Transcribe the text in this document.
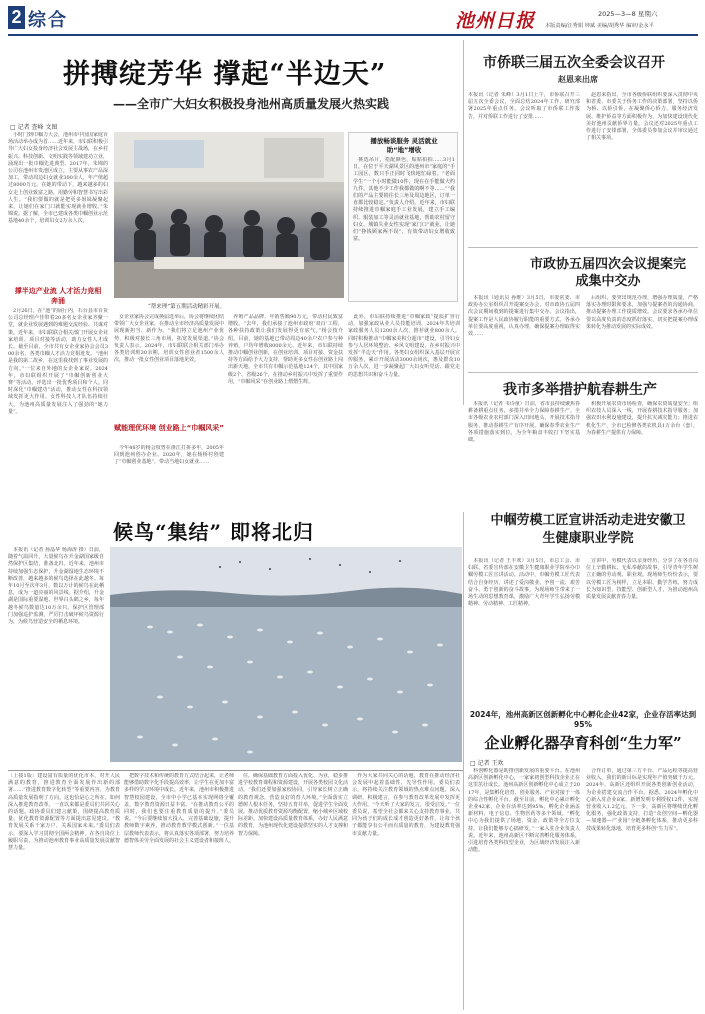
2 综合	池州日报	2025—3—8 星期六
本版责编/汪秀娟 钟斌 美编/胡秀华 编审/金永平
拼搏绽芳华 撑起“半边天”
——全市广大妇女积极投身池州高质量发展火热实践
□ 记者 查峰 文图
　小时门到巾帼力大会，池州市中国国家庭百场活动举办成为首……近年来，市妇联积极引导广大妇女投身经济社会发展主战场，在乡村振兴、科技创新、文明实践等领域建功立业，涌现出一批巾帼先进典型。2017年，朱锦的公司在池州市贵池区成立，主要从事农产品深加工，带动周边妇女就业300余人，年产值超过8000万元。在她的带动下，越来越多的妇女走上创业致富之路，用勤劳和智慧书写出彩人生。“我们要做的就是把更多姐妹凝聚起来，让她们在家门口就能实现就业增收。”朱锦说。据了解，全市已建成各类巾帼创业示范基地40余个，培训妇女2万余人次。
撑半边产业流 人才活力竞相奔涌
　2月26日，在“池”的展厅内，石台县市百货公司总经理卢佳带着20多名女企业家齐聚一堂，就企业发展遇到的难题交流经验、共谋对策。近年来，市妇联联合相关部门开展女企业家培训、项目对接等活动，助力女性人才成长。截至目前，全市共有女企业家协会会员300余名，各类巾帼人才活力竞相迸发。“池州是我的第二故乡，在这里我找到了事业发展的方向。”一位来自外地的女企业家说。2024年，市妇联组织开展了“巾帼创新创业大赛”等活动，评选出一批优秀项目和个人。同时深化“巾帼建功”活动，推动女性在科技领域发挥更大作用。女性科技人才队伍持续壮大，为池州高质量发展注入了强劲的“她力量”。
“帮来理”第五期活动精彩开展。
播放畅谈服务 灵活就业助“地”增收
　挑选吊片，搭配颜色，贴贴拍拍……3月1日，在位于平天湖风景区的池州市“家庭的”手工园区，数只手正同时飞快地忙碌着。“老面学生”一个小时能做10件，现在在手能做大约九件，其他不少工作我都做的啊不等……”“我们的产品主要销往长三角及周边地区，订单一直都比较稳定。”负责人介绍。近年来，市妇联持续推进巾帼家庭手工业发展，建立手工编织、服装加工等灵活就业基地，帮助农村留守妇女、城镇失业女性实现“家门口”就业，让她们“挣钱顾家两不误”，有效带动妇女增收致富。
赋能理优环境 创业路上“巾帼风采”
　女企业家协会完成换届选举后，协会将继续团结带领广大女企业家，在推动全市经济高质量发展中展现新担当、新作为。“我们将立足池州产业优势，积极对接长三角市场，拓宽发展渠道。”协会负责人表示。2024年，市妇联联合相关部门举办各类培训班30余期，培训女性创业者1500余人次，推动一批女性创业项目落地见效。
　今年48岁的杨会枝曾在浙江打拼多年，2005年回到池州创办企业。2020年，她在杨桥村创建了“巾帼创业基地”，带动当地妇女就业……
　养殖产品品牌，年销售额90万元，带动村民致富增收。“去年，我们承接了池州市政府‘双百’工程，各种扶持政策让我们发展得更有底气。”杨会枝介绍。目前，她的基地已带动周边40余户农户参与种养殖，户均年增收8000余元。近年来，市妇联持续推动巾帼创业创新，在创业培训、项目对接、资金扶持等方面给予大力支持，帮助更多女性在创业路上闯出新天地。全市共有巾帼示范基地124个，其中国家级2个、省级26个，在推动乡村振兴中发挥了重要作用，“巾帼风采”在创业路上熠熠生辉。
　此外，市妇联持续推进“巾帼家政”提质扩容行动，加强家政从业人员技能培训，2024年共培训家政服务人员1200余人次，推荐就业800余人。同时积极推动“巾帼家美积分超市”建设，引导妇女参与人居环境整治、乡风文明建设，在乡村振兴中发挥“半边天”作用。各类妇女组织深入基层开展宣传服务，累计开展活动3000余场次，惠及群众10万余人次，进一步凝聚起广大妇女听党话、跟党走的思想共识和奋斗力量。
市侨联三届五次全委会议召开
赵恩来出席
本报讯（记者 朱峰）3月1日上午，市侨联召开三届五次全委会议，全面总结2024年工作，研究部署2025年重点任务。会议听取了市侨联工作报告，并对侨联工作进行了安排……
　赵恩来指出，全市各级侨联组织要深入贯彻中央和省委、市委关于侨务工作的决策部署，坚持以侨为桥、以侨引侨，在凝聚侨心侨力、服务经济发展、维护侨益等方面积极作为，为加快建设现代化美好池州贡献侨界力量。会议还对2025年重点工作进行了安排部署，全体委员参加会议并审议通过了相关事项。
市政协五届四次会议提案完成集中交办
　本报讯（通讯员 孙维）3月5日，市委常委、市政协办公室组织召开提案交办会，对市政协五届四次会议期间收到的提案进行集中交办。会议指出，提案工作是人民政协履行职能的重要方式，各承办单位要高度重视，认真办理，确保提案办理取得实效……
　后组织。要突出规范办理，增强办理质量，严格落实办理时限和要求，加强与提案者的沟通协商，推动提案办理工作提质增效。会议要求各承办单位要以高度负责的态度抓好落实，切实把提案办理成果转化为推动发展的实际成效。
我市多举措护航春耕生产
　本报讯（记者 韦诗童）日前，省市县持续聚焦春耕备耕重点任务，多措并举全力保障春耕生产。全市各级农业农村部门深入田间地头，开展技术指导服务，推动春耕生产有序开展，确保春季农业生产各项措施落实到位，为全年粮食丰收打下坚实基础。
　积极开展农资市场检查，确保农资质量安全；组织农技人员深入一线，开展春耕技术指导服务；加强农田水利设施建设，提升抗灾减灾能力；推进农机化生产，全市已检修各类农机具1万余台（套），为春耕生产提供有力保障。
候鸟“集结” 即将北归
　本报讯（记者 孙晶华 杨海涛 摄）日前，随着气温回升，大量候鸟在升金湖国家级自然保护区集结，准备北归。近年来，池州市持续加强生态保护，升金湖湿地生态环境不断改善，越来越多的候鸟选择在此越冬。每年10月至次年3月，数以万计的候鸟在此栖息，成为一道亮丽的风景线。据介绍，升金湖是国际重要湿地、世界白头鹤之乡，每年越冬候鸟数量达10万余只。保护区管理部门加强巡护监测，严厉打击破坏候鸟资源行为，为候鸟营造安全的栖息环境。
中帼劳模工匠宣讲活动走进安徽卫生健康职业学院
　本报讯（记者 王丰欢）3月5日，市总工会、市妇联、省委宣传部在安徽卫生健康职业学院举办巾帼劳模工匠宣讲活动。活动中，巾帼劳模工匠代表结合自身经历，讲述了爱岗敬业、争创一流、艰苦奋斗、勇于创新的奋斗故事，为现场师生带来了一场生动的思想教育课，激励广大青年学生弘扬劳模精神、劳动精神、工匠精神。
　宣讲中，劳模代表以亲身经历，分享了在各自岗位上辛勤耕耘、无私奉献的故事，引导青年学生树立正确的劳动观、职业观。现场师生纷纷表示，要以劳模工匠为榜样，立足本职、勤学苦练，努力成长为知识型、技能型、创新型人才，为推动池州高质量发展贡献青春力量。
〔上接1版〕建设富有质量的优化市本，对开人民满意的教育，推进教育全面发展作出新的部署……“推进教育数字化转型”等重要内容，为教育高质量发展指明了方向。这也恰是心之所在。如何深入推进教育改革，一直以来都是委员们共同关心的话题。政协委员们建言献策，围绕提高教育质量、优化教育资源配置等方面提出意见建议。“教育发展关系千家万户，关系国家未来。”委员们表示，要深入学习贯彻全国两会精神，在各自岗位上履职尽责，为推动池州教育事业高质量发展贡献智慧力量。
　把数字技术和传统的教育方式结合起来，让老师能够借助数字化手段提高效率，让学生在更加丰富多样的学习环境中成长。近年来，池州市积极推进智慧校园建设，全市中小学已基本实现网络全覆盖，数字教育资源日益丰富。“在推动教育公平的同时，我们也要注重教育质量的提升。”委员说。“今后要继续加大投入，完善基础设施，提升教师数字素养，推动教育教学模式创新。”一位基层教师代表表示，将认真落实各项部署，努力培养德智体美劳全面发展的社会主义建设者和接班人。
　住，确保基础教育方面投入优化、为业，稳步推进学校教育课程和资源建设，开展各类校园文化活动。“我们还要加强家校协同，引导家长树立正确的教育观念，营造良好的育人环境。”全面落实立德树人根本任务，坚持五育并举，促进学生全面发展。推动优质教育资源均衡配置，缩小城乡区域校际差距。加快建设高质量教育体系，办好人民满意的教育，为池州现代化建设提供坚实的人才支撑和智力保障。
　作为大家共同关心的话题，教育在推动经济社会发展中起着基础性、先导性作用。委员们表示，将持续关注教育领域的热点难点问题，深入调研，积极建言，在参与教育改革发展中发挥更大作用。“今天听了大家的发言，很受启发。”一位委员说，希望全社会都来关心支持教育事业，共同为孩子们的成长成才创造更好条件，让每个孩子都能享有公平而有质量的教育，为建设教育强市贡献力量。
2024年，池州高新区创新孵化中心孵化企业42家，企业存活率达到95%
企业孵化器孕育科创“生力军”
□ 记者 王欢
　科创孵化器是助推创新发展的重要平台。在池州高新区创新孵化中心，一家家初创型科技企业正在这里茁壮成长。池州高新区创新孵化中心成立于2017年，是集孵化培育、创业服务、产业对接于一体的综合性孵化平台。截至目前，孵化中心累计孵化企业42家，企业存活率达到95%，孵化企业涵盖新材料、电子信息、生物医药等多个领域。“孵化中心为我们提供了场地、资金、政策等全方位支持，让我们能够专心搞研发。”一家入驻企业负责人说。近年来，池州高新区不断完善孵化服务体系，引进培育各类科技型企业，为区域经济发展注入新动能。
　合作订单，通过第三方平台、产品远程等提高营业收入，我们的新目标是实现年产值突破千万元。2024年，高新区还组织开展各类创新创业活动，为企业搭建交流合作平台。据悉，2024年孵化中心新入驻企业8家，新增发明专利授权12件，实现营业收入1.2亿元。下一步，高新区将继续优化孵化服务，强化政策支持，打造“众创空间—孵化器—加速器—产业园”全链条孵化体系，推动更多科技成果转化落地，培育更多科创“生力军”。
